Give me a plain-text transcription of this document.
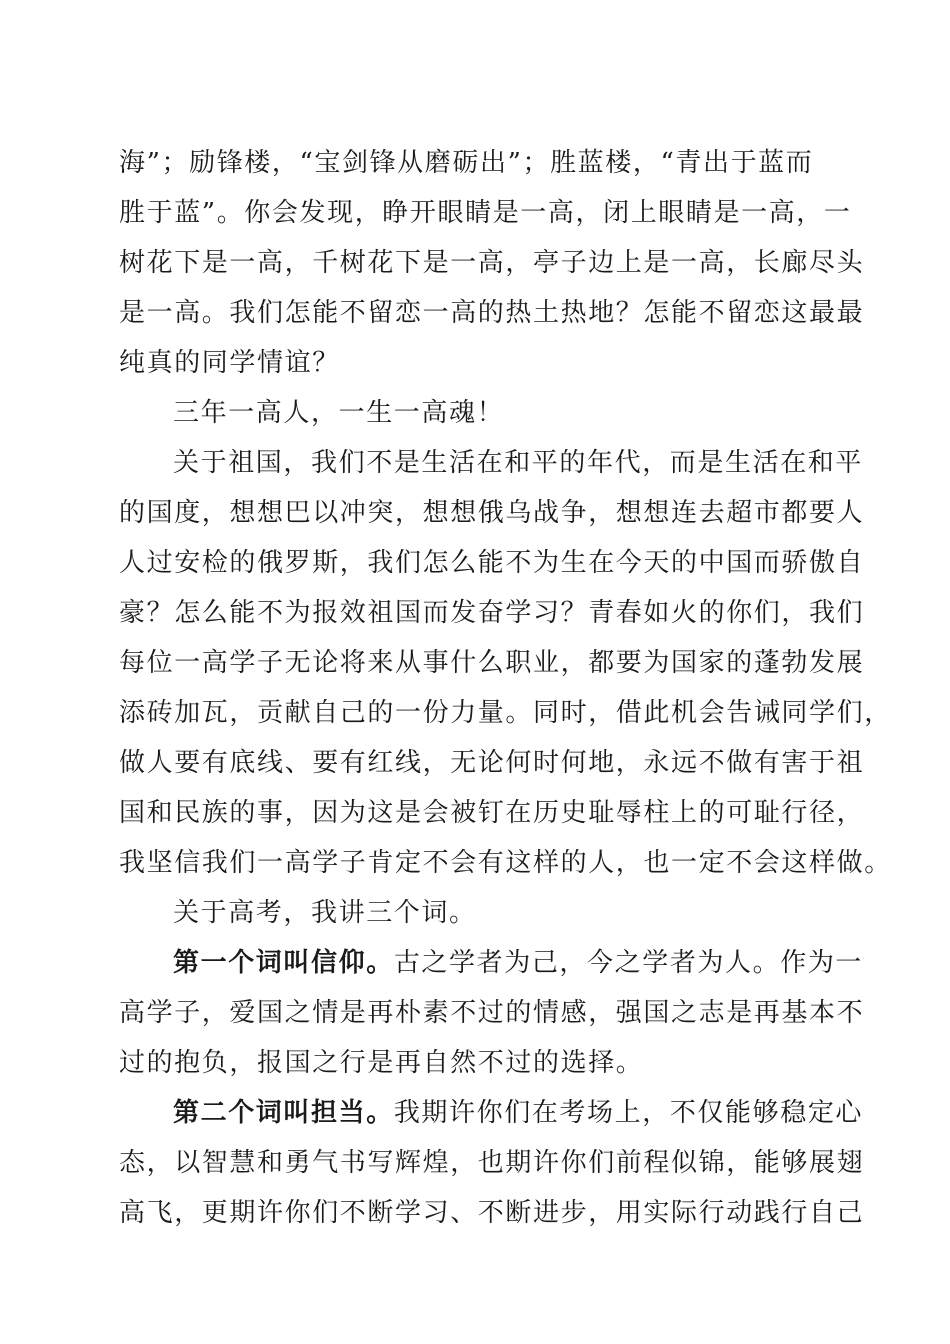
海”；励锋楼，“宝剑锋从磨砺出”；胜蓝楼，“青出于蓝而
胜于蓝”。你会发现，睁开眼睛是一高，闭上眼睛是一高，一
树花下是一高，千树花下是一高，亭子边上是一高，长廊尽头
是一高。我们怎能不留恋一高的热土热地？怎能不留恋这最最
纯真的同学情谊？

三年一高人，一生一高魂！

关于祖国，我们不是生活在和平的年代，而是生活在和平
的国度，想想巴以冲突，想想俄乌战争，想想连去超市都要人
人过安检的俄罗斯，我们怎么能不为生在今天的中国而骄傲自
豪？怎么能不为报效祖国而发奋学习？青春如火的你们，我们
每位一高学子无论将来从事什么职业，都要为国家的蓬勃发展
添砖加瓦，贡献自己的一份力量。同时，借此机会告诫同学们，
做人要有底线、要有红线，无论何时何地，永远不做有害于祖
国和民族的事，因为这是会被钉在历史耻辱柱上的可耻行径，
我坚信我们一高学子肯定不会有这样的人，也一定不会这样做。

关于高考，我讲三个词。

第一个词叫信仰。古之学者为己，今之学者为人。作为一
高学子，爱国之情是再朴素不过的情感，强国之志是再基本不
过的抱负，报国之行是再自然不过的选择。

第二个词叫担当。我期许你们在考场上，不仅能够稳定心
态，以智慧和勇气书写辉煌，也期许你们前程似锦，能够展翅
高飞，更期许你们不断学习、不断进步，用实际行动践行自己
